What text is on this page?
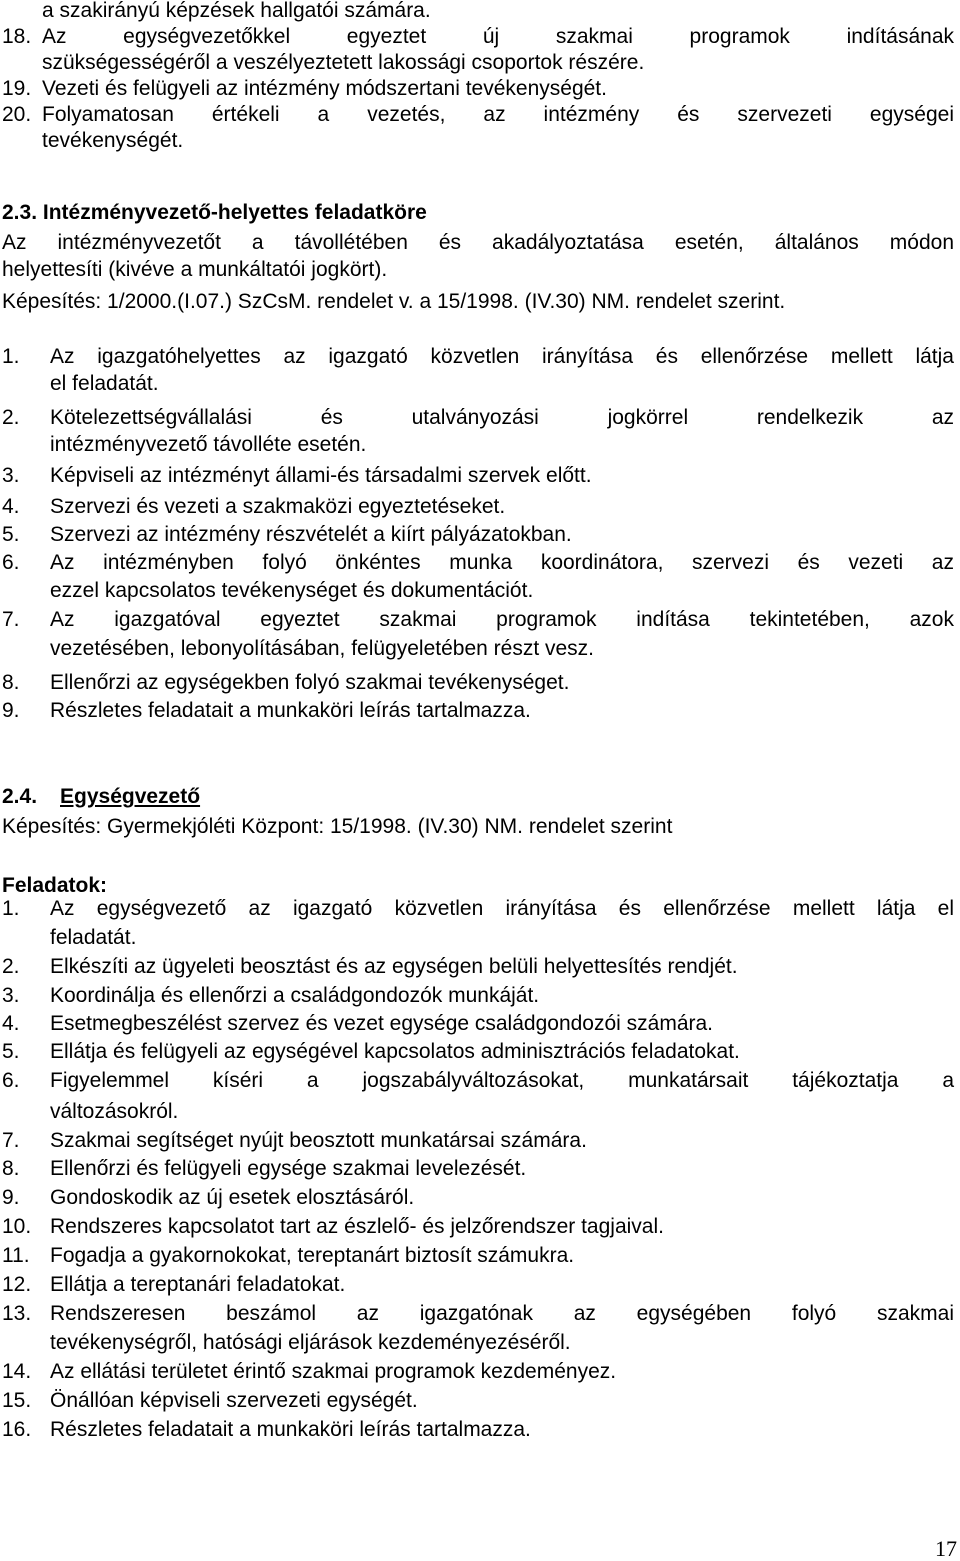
a szakirányú képzések hallgatói számára.
18. Az egységvezetőkkel egyeztet új szakmai programok indításának
szükségességéről a veszélyeztetett lakossági csoportok részére.
19. Vezeti és felügyeli az intézmény módszertani tevékenységét.
20. Folyamatosan értékeli a vezetés, az intézmény és szervezeti egységei
tevékenységét.
2.3. Intézményvezető-helyettes feladatköre
Az intézményvezetőt a távollétében és akadályoztatása esetén, általános módon
helyettesíti (kivéve a munkáltatói jogkört).
Képesítés: 1/2000.(I.07.) SzCsM. rendelet v. a 15/1998. (IV.30) NM. rendelet szerint.
1. Az igazgatóhelyettes az igazgató közvetlen irányítása és ellenőrzése mellett látja
el feladatát.
2. Kötelezettségvállalási és utalványozási jogkörrel rendelkezik az
intézményvezető távolléte esetén.
3. Képviseli az intézményt állami-és társadalmi szervek előtt.
4. Szervezi és vezeti a szakmaközi egyeztetéseket.
5. Szervezi az intézmény részvételét a kiírt pályázatokban.
6. Az intézményben folyó önkéntes munka koordinátora, szervezi és vezeti az
ezzel kapcsolatos tevékenységet és dokumentációt.
7. Az igazgatóval egyeztet szakmai programok indítása tekintetében, azok
vezetésében, lebonyolításában, felügyeletében részt vesz.
8. Ellenőrzi az egységekben folyó szakmai tevékenységet.
9. Részletes feladatait a munkaköri leírás tartalmazza.
2.4. Egységvezető
Képesítés: Gyermekjóléti Központ: 15/1998. (IV.30) NM. rendelet szerint
Feladatok:
1. Az egységvezető az igazgató közvetlen irányítása és ellenőrzése mellett látja el
feladatát.
2. Elkészíti az ügyeleti beosztást és az egységen belüli helyettesítés rendjét.
3. Koordinálja és ellenőrzi a családgondozók munkáját.
4. Esetmegbeszélést szervez és vezet egysége családgondozói számára.
5. Ellátja és felügyeli az egységével kapcsolatos adminisztrációs feladatokat.
6. Figyelemmel kíséri a jogszabályváltozásokat, munkatársait tájékoztatja a
változásokról.
7. Szakmai segítséget nyújt beosztott munkatársai számára.
8. Ellenőrzi és felügyeli egysége szakmai levelezését.
9. Gondoskodik az új esetek elosztásáról.
10. Rendszeres kapcsolatot tart az észlelő- és jelzőrendszer tagjaival.
11. Fogadja a gyakornokokat, tereptanárt biztosít számukra.
12. Ellátja a tereptanári feladatokat.
13. Rendszeresen beszámol az igazgatónak az egységében folyó szakmai
tevékenységről, hatósági eljárások kezdeményezéséről.
14. Az ellátási területet érintő szakmai programok kezdeményez.
15. Önállóan képviseli szervezeti egységét.
16. Részletes feladatait a munkaköri leírás tartalmazza.
17
